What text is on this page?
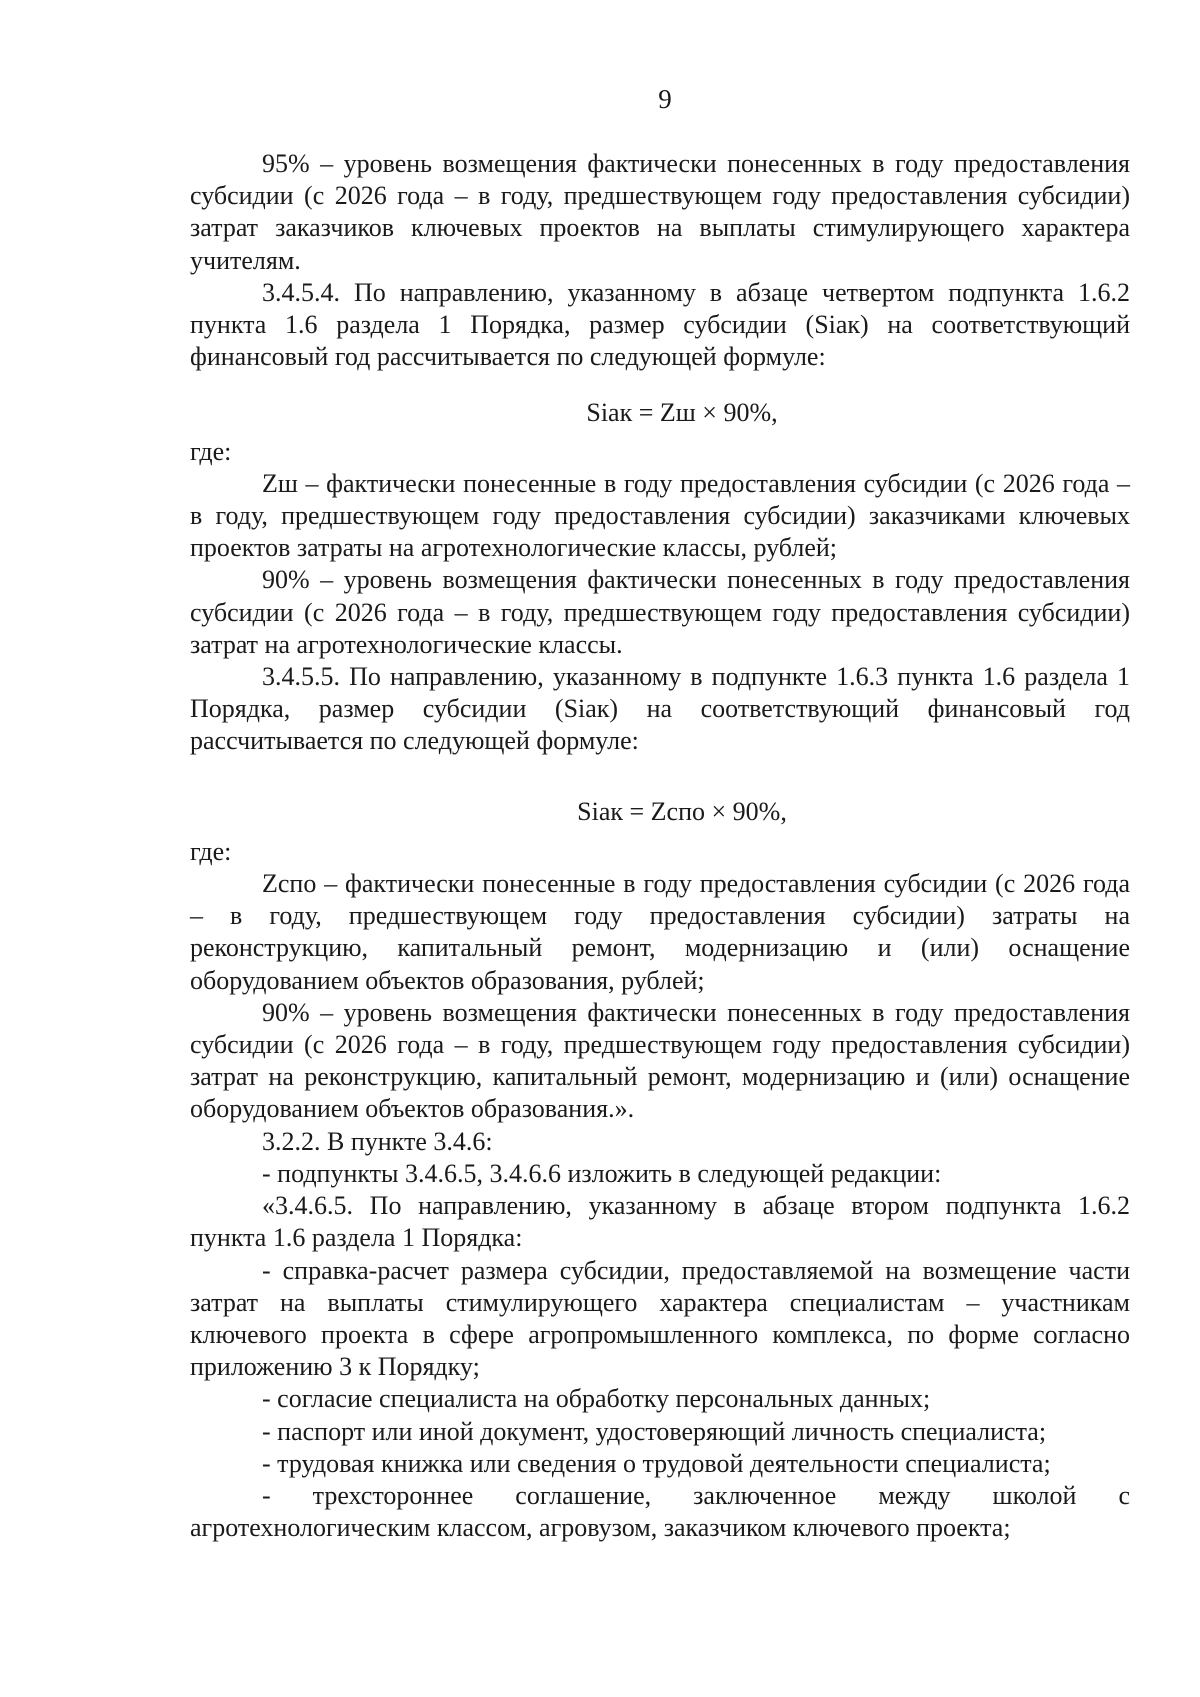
9

95% – уровень возмещения фактически понесенных в году предоставления субсидии (с 2026 года – в году, предшествующем году предоставления субсидии) затрат заказчиков ключевых проектов на выплаты стимулирующего характера учителям.

3.4.5.4. По направлению, указанному в абзаце четвертом подпункта 1.6.2 пункта 1.6 раздела 1 Порядка, размер субсидии (Siак) на соответствующий финансовый год рассчитывается по следующей формуле:

Siак = Zш × 90%,

где:

Zш – фактически понесенные в году предоставления субсидии (с 2026 года – в году, предшествующем году предоставления субсидии) заказчиками ключевых проектов затраты на агротехнологические классы, рублей;

90% – уровень возмещения фактически понесенных в году предоставления субсидии (с 2026 года – в году, предшествующем году предоставления субсидии) затрат на агротехнологические классы.

3.4.5.5. По направлению, указанному в подпункте 1.6.3 пункта 1.6 раздела 1 Порядка, размер субсидии (Siак) на соответствующий финансовый год рассчитывается по следующей формуле:

Siак = Zспо × 90%,

где:

Zспо – фактически понесенные в году предоставления субсидии (с 2026 года – в году, предшествующем году предоставления субсидии) затраты на реконструкцию, капитальный ремонт, модернизацию и (или) оснащение оборудованием объектов образования, рублей;

90% – уровень возмещения фактически понесенных в году предоставления субсидии (с 2026 года – в году, предшествующем году предоставления субсидии) затрат на реконструкцию, капитальный ремонт, модернизацию и (или) оснащение оборудованием объектов образования.».

3.2.2. В пункте 3.4.6:

- подпункты 3.4.6.5, 3.4.6.6 изложить в следующей редакции:

«3.4.6.5. По направлению, указанному в абзаце втором подпункта 1.6.2 пункта 1.6 раздела 1 Порядка:

- справка-расчет размера субсидии, предоставляемой на возмещение части затрат на выплаты стимулирующего характера специалистам – участникам ключевого проекта в сфере агропромышленного комплекса, по форме согласно приложению 3 к Порядку;

- согласие специалиста на обработку персональных данных;

- паспорт или иной документ, удостоверяющий личность специалиста;

- трудовая книжка или сведения о трудовой деятельности специалиста;

- трехстороннее соглашение, заключенное между школой с агротехнологическим классом, агровузом, заказчиком ключевого проекта;
